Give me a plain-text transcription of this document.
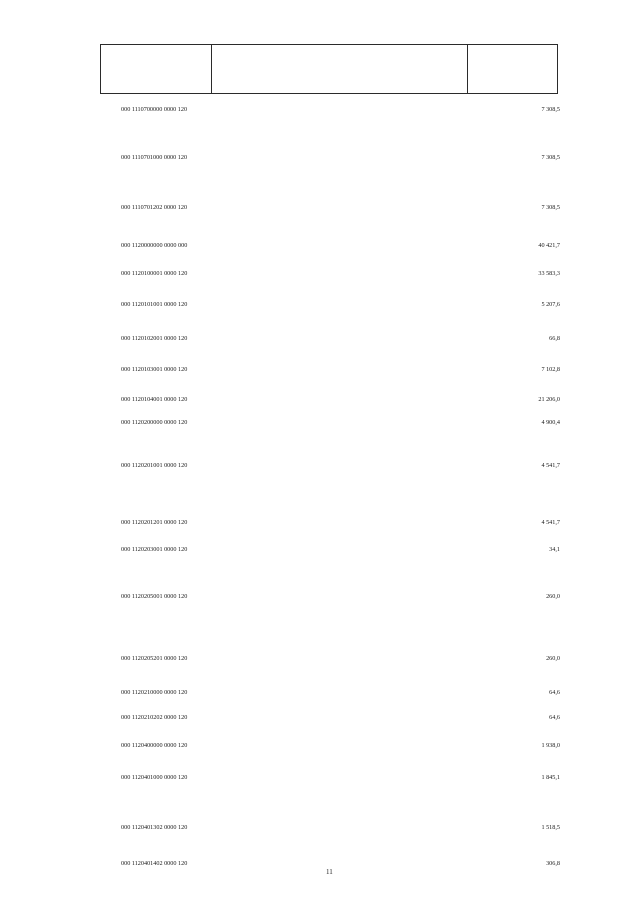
000 1110700000 0000 120	7 308,5
000 1110701000 0000 120	7 308,5
000 1110701202 0000 120	7 308,5
000 1120000000 0000 000	40 421,7
000 1120100001 0000 120	33 583,3
000 1120101001 0000 120	5 207,6
000 1120102001 0000 120	66,8
000 1120103001 0000 120	7 102,8
000 1120104001 0000 120	21 206,0
000 1120200000 0000 120	4 900,4
000 1120201001 0000 120	4 541,7
000 1120201201 0000 120	4 541,7
000 1120203001 0000 120	34,1
000 1120205001 0000 120	260,0
000 1120205201 0000 120	260,0
000 1120210000 0000 120	64,6
000 1120210202 0000 120	64,6
000 1120400000 0000 120	1 938,0
000 1120401000 0000 120	1 845,1
000 1120401302 0000 120	1 518,5
000 1120401402 0000 120	306,8
11
